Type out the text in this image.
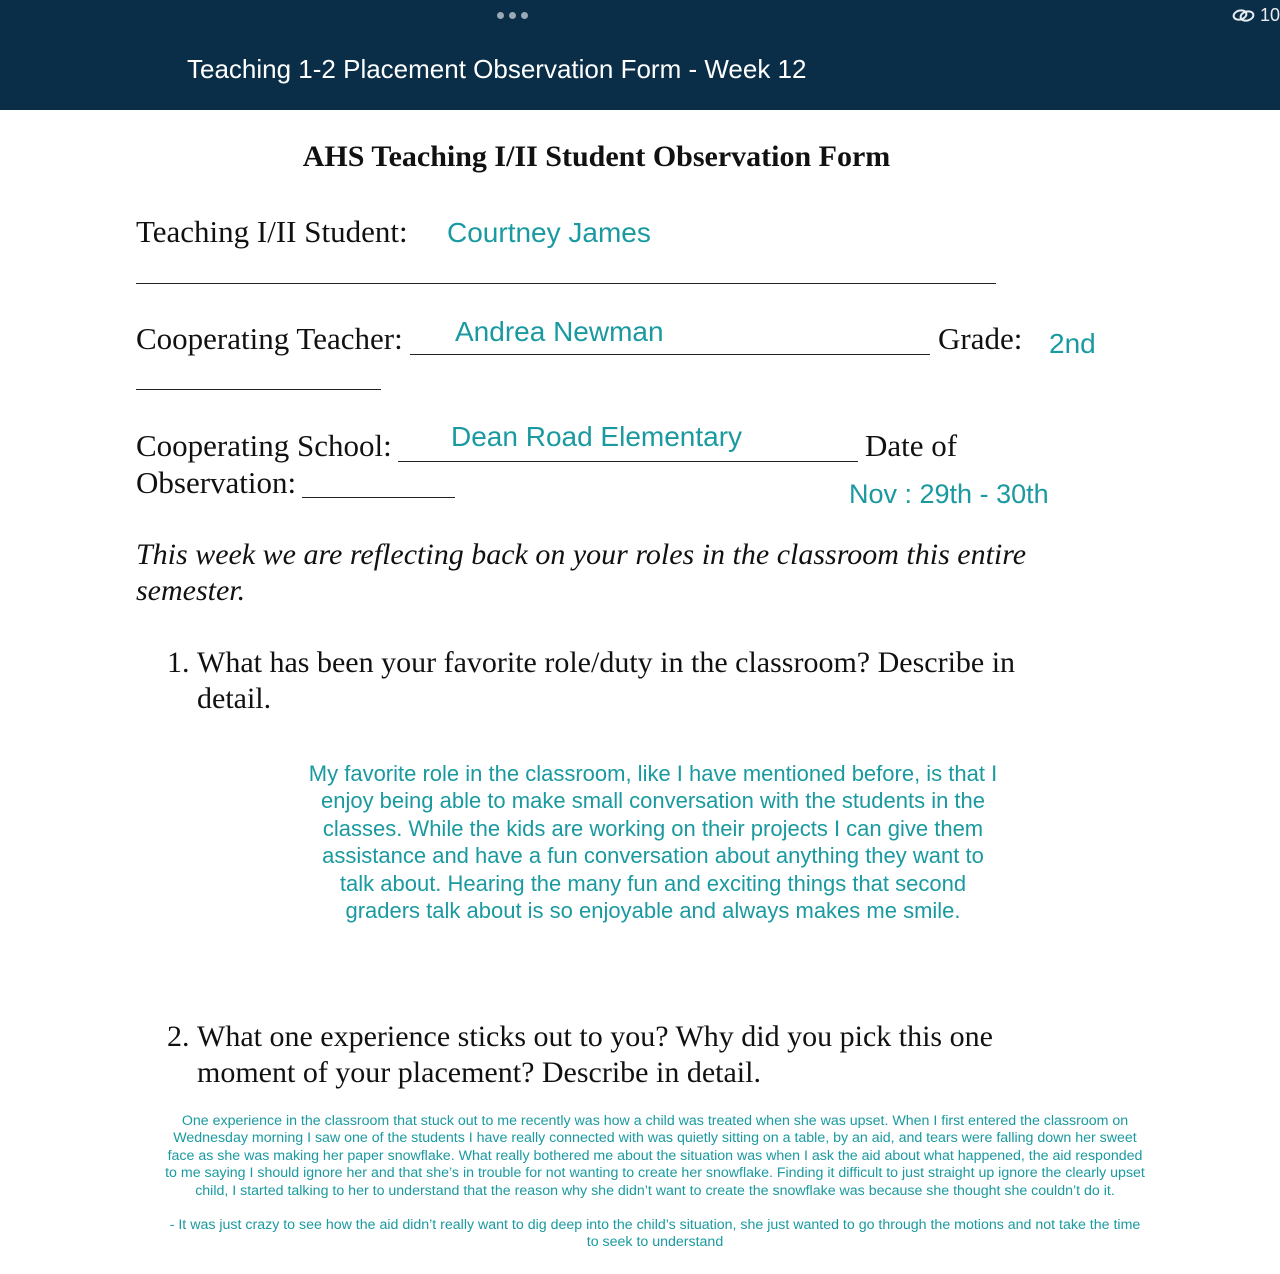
10
Teaching 1-2 Placement Observation Form - Week 12
AHS Teaching I/II Student Observation Form
Teaching I/II Student: Courtney James
Cooperating Teacher: Andrea Newman	Grade: 2nd
Cooperating School: Dean Road Elementary	Date of
Observation:	Nov : 29th - 30th
This week we are reflecting back on your roles in the classroom this entire
semester.
1. What has been your favorite role/duty in the classroom? Describe in
detail.
My favorite role in the classroom, like I have mentioned before, is that I
enjoy being able to make small conversation with the students in the
classes. While the kids are working on their projects I can give them
assistance and have a fun conversation about anything they want to
talk about. Hearing the many fun and exciting things that second
graders talk about is so enjoyable and always makes me smile.
2. What one experience sticks out to you? Why did you pick this one
moment of your placement? Describe in detail.
One experience in the classroom that stuck out to me recently was how a child was treated when she was upset. When I first entered the classroom on
Wednesday morning I saw one of the students I have really connected with was quietly sitting on a table, by an aid, and tears were falling down her sweet
face as she was making her paper snowflake. What really bothered me about the situation was when I ask the aid about what happened, the aid responded
to me saying I should ignore her and that she’s in trouble for not wanting to create her snowflake. Finding it difficult to just straight up ignore the clearly upset
child, I started talking to her to understand that the reason why she didn’t want to create the snowflake was because she thought she couldn’t do it.
- It was just crazy to see how the aid didn’t really want to dig deep into the child’s situation, she just wanted to go through the motions and not take the time
to seek to understand
